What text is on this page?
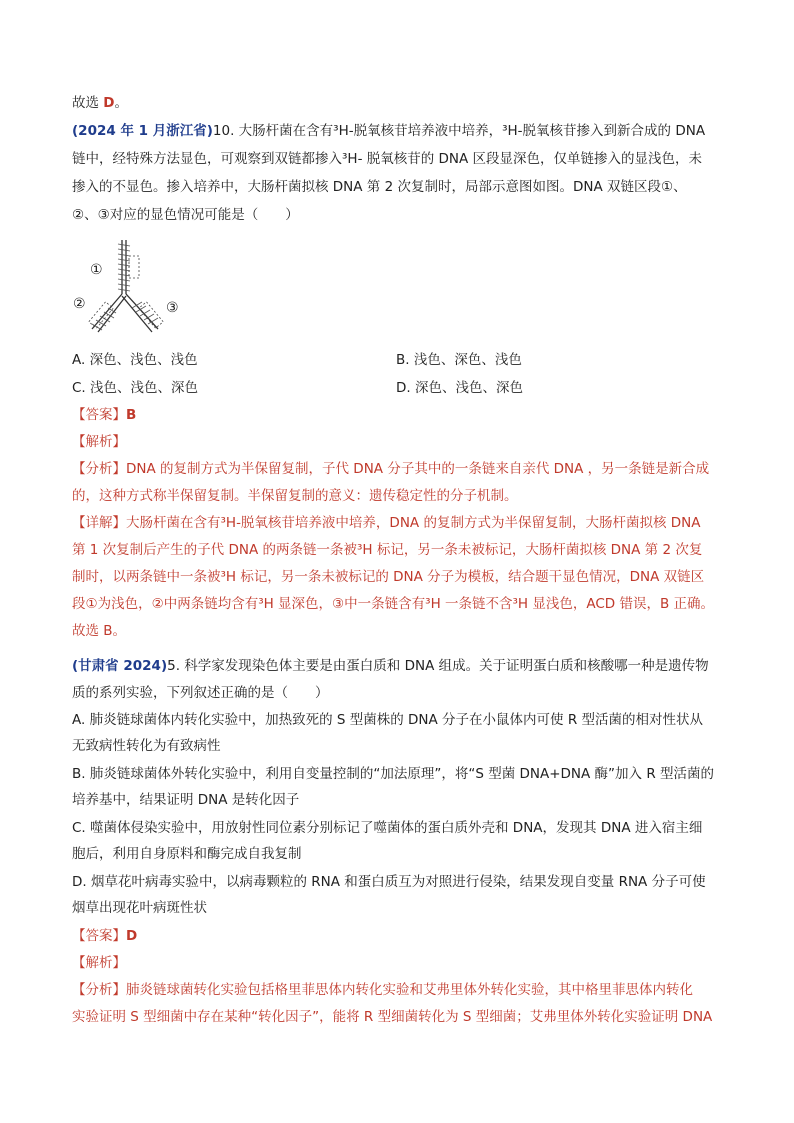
故选 D。
(2024 年 1 月浙江省)10. 大肠杆菌在含有³H-脱氧核苷培养液中培养，³H-脱氧核苷掺入到新合成的 DNA
链中，经特殊方法显色，可观察到双链都掺入³H- 脱氧核苷的 DNA 区段显深色，仅单链掺入的显浅色，未
掺入的不显色。掺入培养中，大肠杆菌拟核 DNA 第 2 次复制时，局部示意图如图。DNA 双链区段①、
②、③对应的显色情况可能是（　　）
①
②	③
A. 深色、浅色、浅色	B. 浅色、深色、浅色
C. 浅色、浅色、深色	D. 深色、浅色、深色
【答案】B
【解析】
【分析】DNA 的复制方式为半保留复制，子代 DNA 分子其中的一条链来自亲代 DNA ，另一条链是新合成
的，这种方式称半保留复制。半保留复制的意义：遗传稳定性的分子机制。
【详解】大肠杆菌在含有³H-脱氧核苷培养液中培养，DNA 的复制方式为半保留复制，大肠杆菌拟核 DNA
第 1 次复制后产生的子代 DNA 的两条链一条被³H 标记，另一条未被标记，大肠杆菌拟核 DNA 第 2 次复
制时，以两条链中一条被³H 标记，另一条未被标记的 DNA 分子为模板，结合题干显色情况，DNA 双链区
段①为浅色，②中两条链均含有³H 显深色，③中一条链含有³H 一条链不含³H 显浅色，ACD 错误，B 正确。
故选 B。
(甘肃省 2024)5. 科学家发现染色体主要是由蛋白质和 DNA 组成。关于证明蛋白质和核酸哪一种是遗传物
质的系列实验，下列叙述正确的是（　　）
A. 肺炎链球菌体内转化实验中，加热致死的 S 型菌株的 DNA 分子在小鼠体内可使 R 型活菌的相对性状从
无致病性转化为有致病性
B. 肺炎链球菌体外转化实验中，利用自变量控制的“加法原理”，将“S 型菌 DNA+DNA 酶”加入 R 型活菌的
培养基中，结果证明 DNA 是转化因子
C. 噬菌体侵染实验中，用放射性同位素分别标记了噬菌体的蛋白质外壳和 DNA，发现其 DNA 进入宿主细
胞后，利用自身原料和酶完成自我复制
D. 烟草花叶病毒实验中，以病毒颗粒的 RNA 和蛋白质互为对照进行侵染，结果发现自变量 RNA 分子可使
烟草出现花叶病斑性状
【答案】D
【解析】
【分析】肺炎链球菌转化实验包括格里菲思体内转化实验和艾弗里体外转化实验，其中格里菲思体内转化
实验证明 S 型细菌中存在某种“转化因子”，能将 R 型细菌转化为 S 型细菌；艾弗里体外转化实验证明 DNA
